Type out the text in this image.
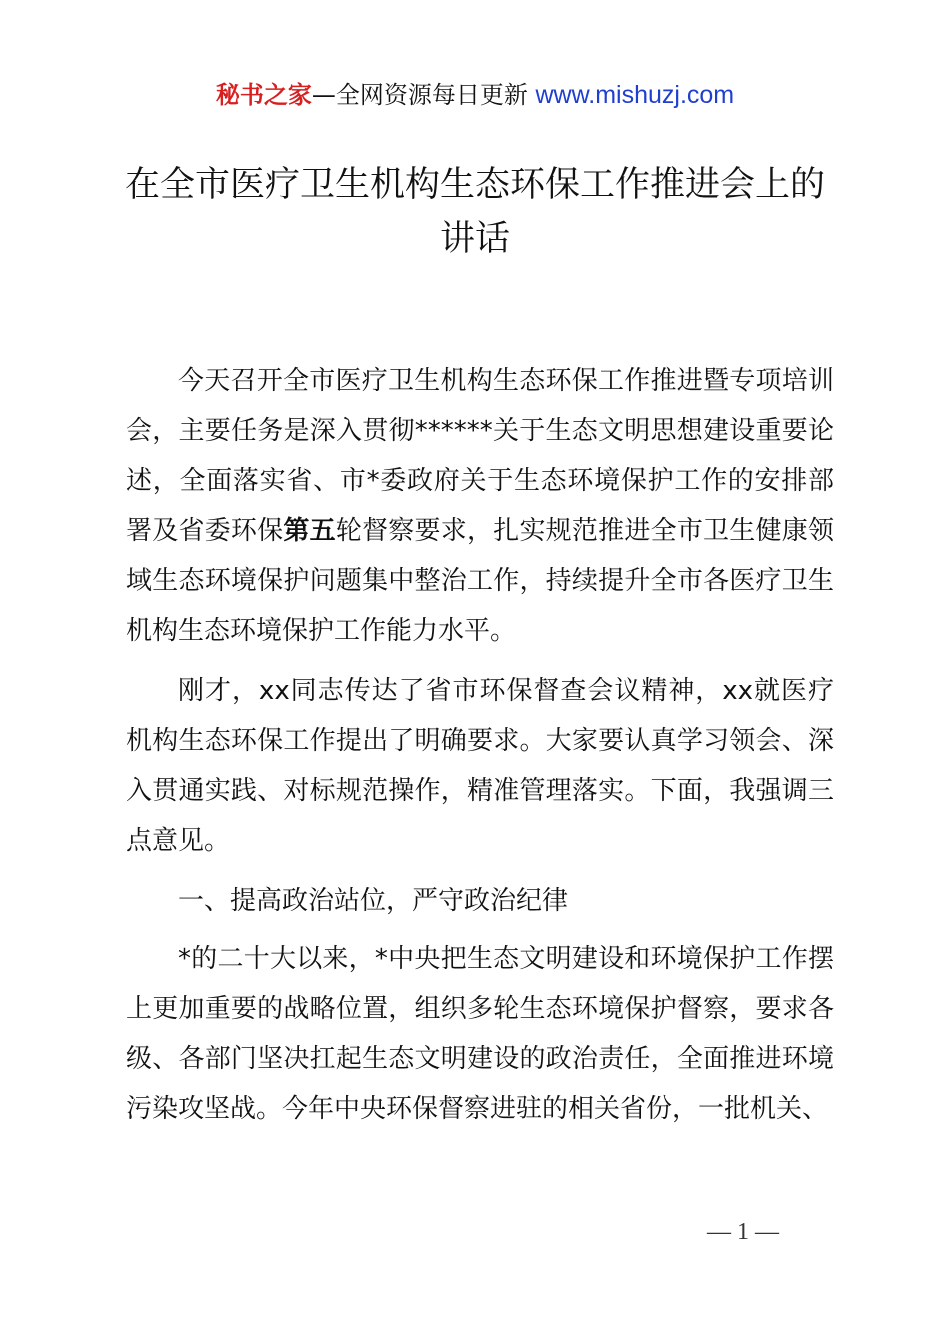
秘书之家—全网资源每日更新 www.mishuzj.com
在全市医疗卫生机构生态环保工作推进会上的讲话

今天召开全市医疗卫生机构生态环保工作推进暨专项培训会，主要任务是深入贯彻******关于生态文明思想建设重要论述，全面落实省、市*委政府关于生态环境保护工作的安排部署及省委环保第五轮督察要求，扎实规范推进全市卫生健康领域生态环境保护问题集中整治工作，持续提升全市各医疗卫生机构生态环境保护工作能力水平。

刚才，xx同志传达了省市环保督查会议精神，xx就医疗机构生态环保工作提出了明确要求。大家要认真学习领会、深入贯通实践、对标规范操作，精准管理落实。下面，我强调三点意见。

一、提高政治站位，严守政治纪律

*的二十大以来，*中央把生态文明建设和环境保护工作摆上更加重要的战略位置，组织多轮生态环境保护督察，要求各级、各部门坚决扛起生态文明建设的政治责任，全面推进环境污染攻坚战。今年中央环保督察进驻的相关省份，一批机关、

— 1 —
